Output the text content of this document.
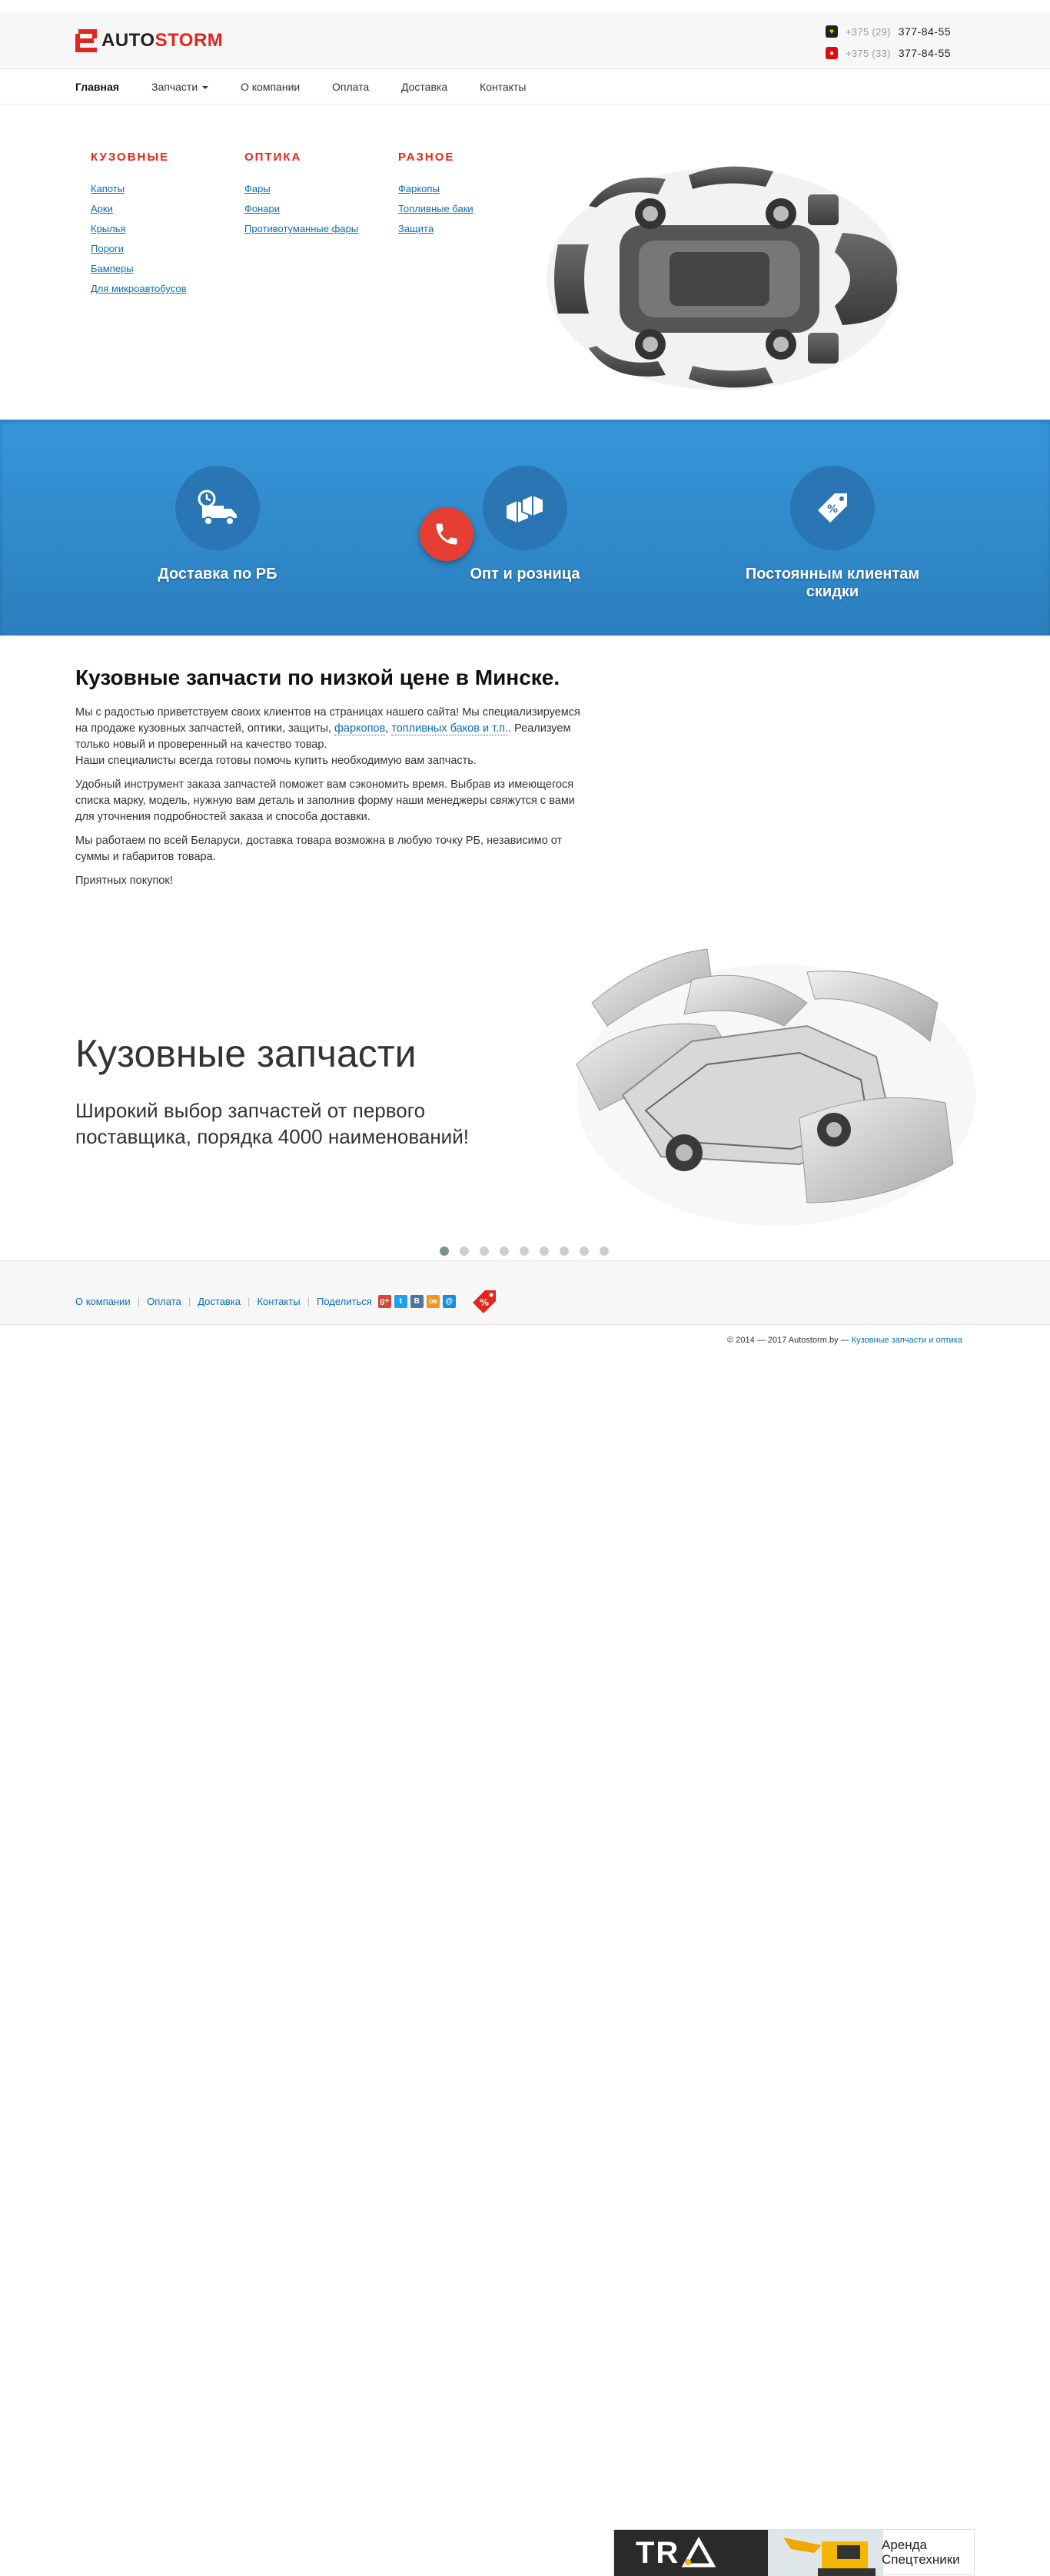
AUTOSTORM	♥	+375 (29) 377-84-55
●	+375 (33) 377-84-55
Главная	Запчасти	О компании	Оплата	Доставка	Контакты
КУЗОВНЫЕ
Капоты
Арки
Крылья
Пороги
Бамперы
Для микроавтобусов
ОПТИКА
Фары
Фонари
Противотуманные фары
РАЗНОЕ
Фаркопы
Топливные баки
Защита
Доставка по РБ	Опт и розница
%
Постоянным клиентам скидки
Кузовные запчасти по низкой цене в Минске.

Мы с радостью приветствуем своих клиентов на страницах нашего сайта! Мы специализируемся на продаже кузовных запчастей, оптики, защиты, фаркопов, топливных баков и т.п.. Реализуем только новый и проверенный на качество товар.
Наши специалисты всегда готовы помочь купить необходимую вам запчасть.

Удобный инструмент заказа запчастей поможет вам сэкономить время. Выбрав из имеющегося списка марку, модель, нужную вам деталь и заполнив форму наши менеджеры свяжутся с вами для уточнения подробностей заказа и способа доставки.

Мы работаем по всей Беларуси, доставка товара возможна в любую точку РБ, независимо от суммы и габаритов товара.

Приятных покупок!

Кузовные запчасти
Широкий выбор запчастей от первого поставщика, порядка 4000 наименований!
О компании | Оплата | Доставка | Контакты | Поделиться g+	t	В	ок	@	%
TR	Аренда
Спецтехники
© 2014 — 2017 Autostorm.by — Кузовные запчасти и оптика
